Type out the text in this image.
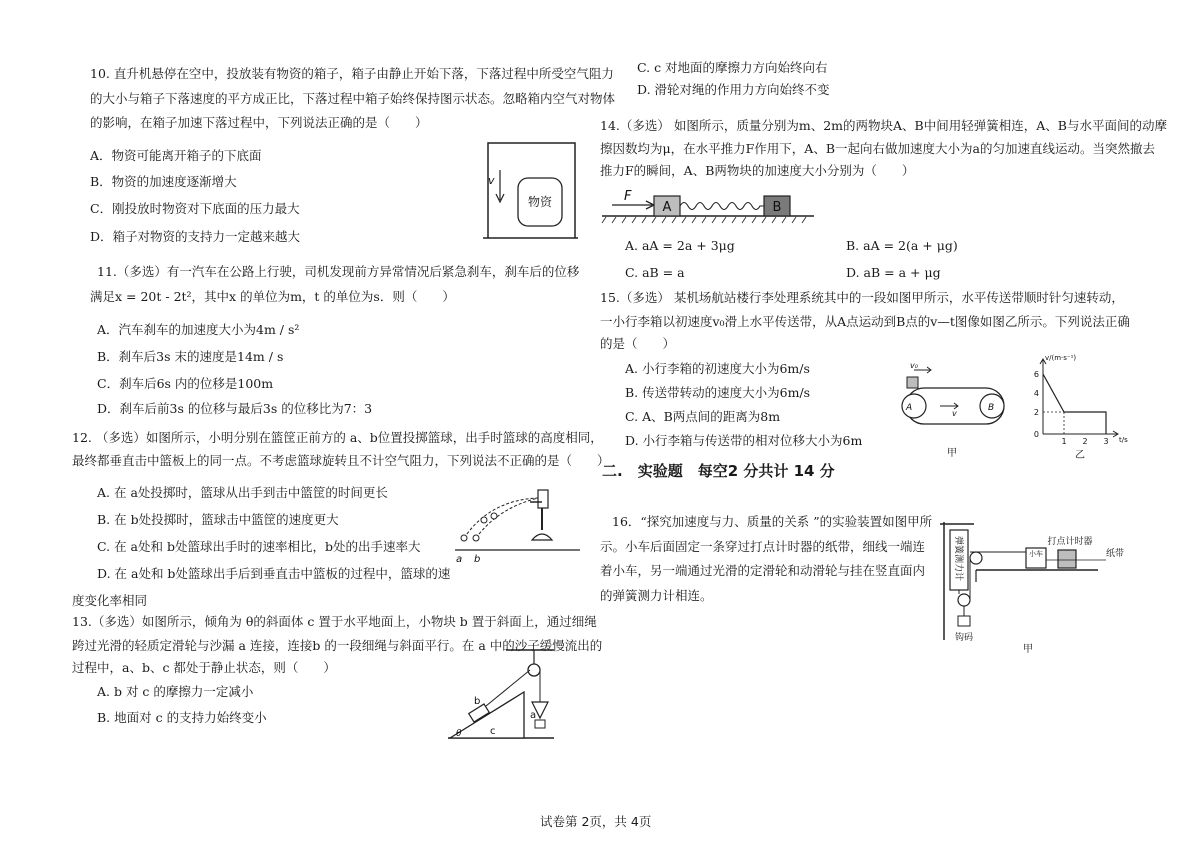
10. 直升机悬停在空中，投放装有物资的箱子，箱子由静止开始下落，下落过程中所受空气阻力
的大小与箱子下落速度的平方成正比，下落过程中箱子始终保持图示状态。忽略箱内空气对物体
的影响，在箱子加速下落过程中，下列说法正确的是（　　）
A．物资可能离开箱子的下底面
B．物资的加速度逐渐增大
C．刚投放时物资对下底面的压力最大
D．箱子对物资的支持力一定越来越大
物资
v
11.（多选）有一汽车在公路上行驶，司机发现前方异常情况后紧急刹车，刹车后的位移
满足x = 20t - 2t²，其中x 的单位为m，t 的单位为s．则（　　）
A．汽车刹车的加速度大小为4m / s²
B．刹车后3s 末的速度是14m / s
C．刹车后6s 内的位移是100m
D．刹车后前3s 的位移与最后3s 的位移比为7：3
12. （多选）如图所示，小明分别在篮筐正前方的 a、b位置投掷篮球，出手时篮球的高度相同，
最终都垂直击中篮板上的同一点。不考虑篮球旋转且不计空气阻力，下列说法不正确的是（　　）
A. 在 a处投掷时，篮球从出手到击中篮筐的时间更长
B. 在 b处投掷时，篮球击中篮筐的速度更大
C. 在 a处和 b处篮球出手时的速率相比，b处的出手速率大
D. 在 a处和 b处篮球出手后到垂直击中篮板的过程中，篮球的速
度变化率相同
a b
13.（多选）如图所示，倾角为 θ的斜面体 c 置于水平地面上，小物块 b 置于斜面上，通过细绳
跨过光滑的轻质定滑轮与沙漏 a 连接，连接b 的一段细绳与斜面平行。在 a 中的沙子缓慢流出的
过程中，a、b、c 都处于静止状态，则（　　）
A. b 对 c 的摩擦力一定减小
B. 地面对 c 的支持力始终变小
b
c
a
θ
C. c 对地面的摩擦力方向始终向右
D. 滑轮对绳的作用力方向始终不变
14.（多选） 如图所示，质量分别为m、2m的两物块A、B中间用轻弹簧相连，A、B与水平面间的动摩
擦因数均为μ，在水平推力F作用下，A、B一起向右做加速度大小为a的匀加速直线运动。当突然撤去
推力F的瞬间，A、B两物块的加速度大小分别为（　　）
F
A	B
A. aA = 2a + 3μg	B. aA = 2(a + μg)
C. aB = a	D. aB = a + μg
15.（多选） 某机场航站楼行李处理系统其中的一段如图甲所示，水平传送带顺时针匀速转动，
一小行李箱以初速度v₀滑上水平传送带，从A点运动到B点的v—t图像如图乙所示。下列说法正确
的是（　　）
A. 小行李箱的初速度大小为6m/s
B. 传送带转动的速度大小为6m/s
C. A、B两点间的距离为8m
D. 小行李箱与传送带的相对位移大小为6m
v₀
v
A	B
甲
v/(m·s⁻¹)
t/s
6
4
2
0
1 2 3
乙
二.　实验题　每空2 分共计 14 分
16．“探究加速度与力、质量的关系 ”的实验装置如图甲所
示。小车后面固定一条穿过打点计时器的纸带，细线一端连
着小车，另一端通过光滑的定滑轮和动滑轮与挂在竖直面内
的弹簧测力计相连。
弹簧测力计
钩码
小车
打点计时器
纸带
甲
试卷第 2页，共 4页
